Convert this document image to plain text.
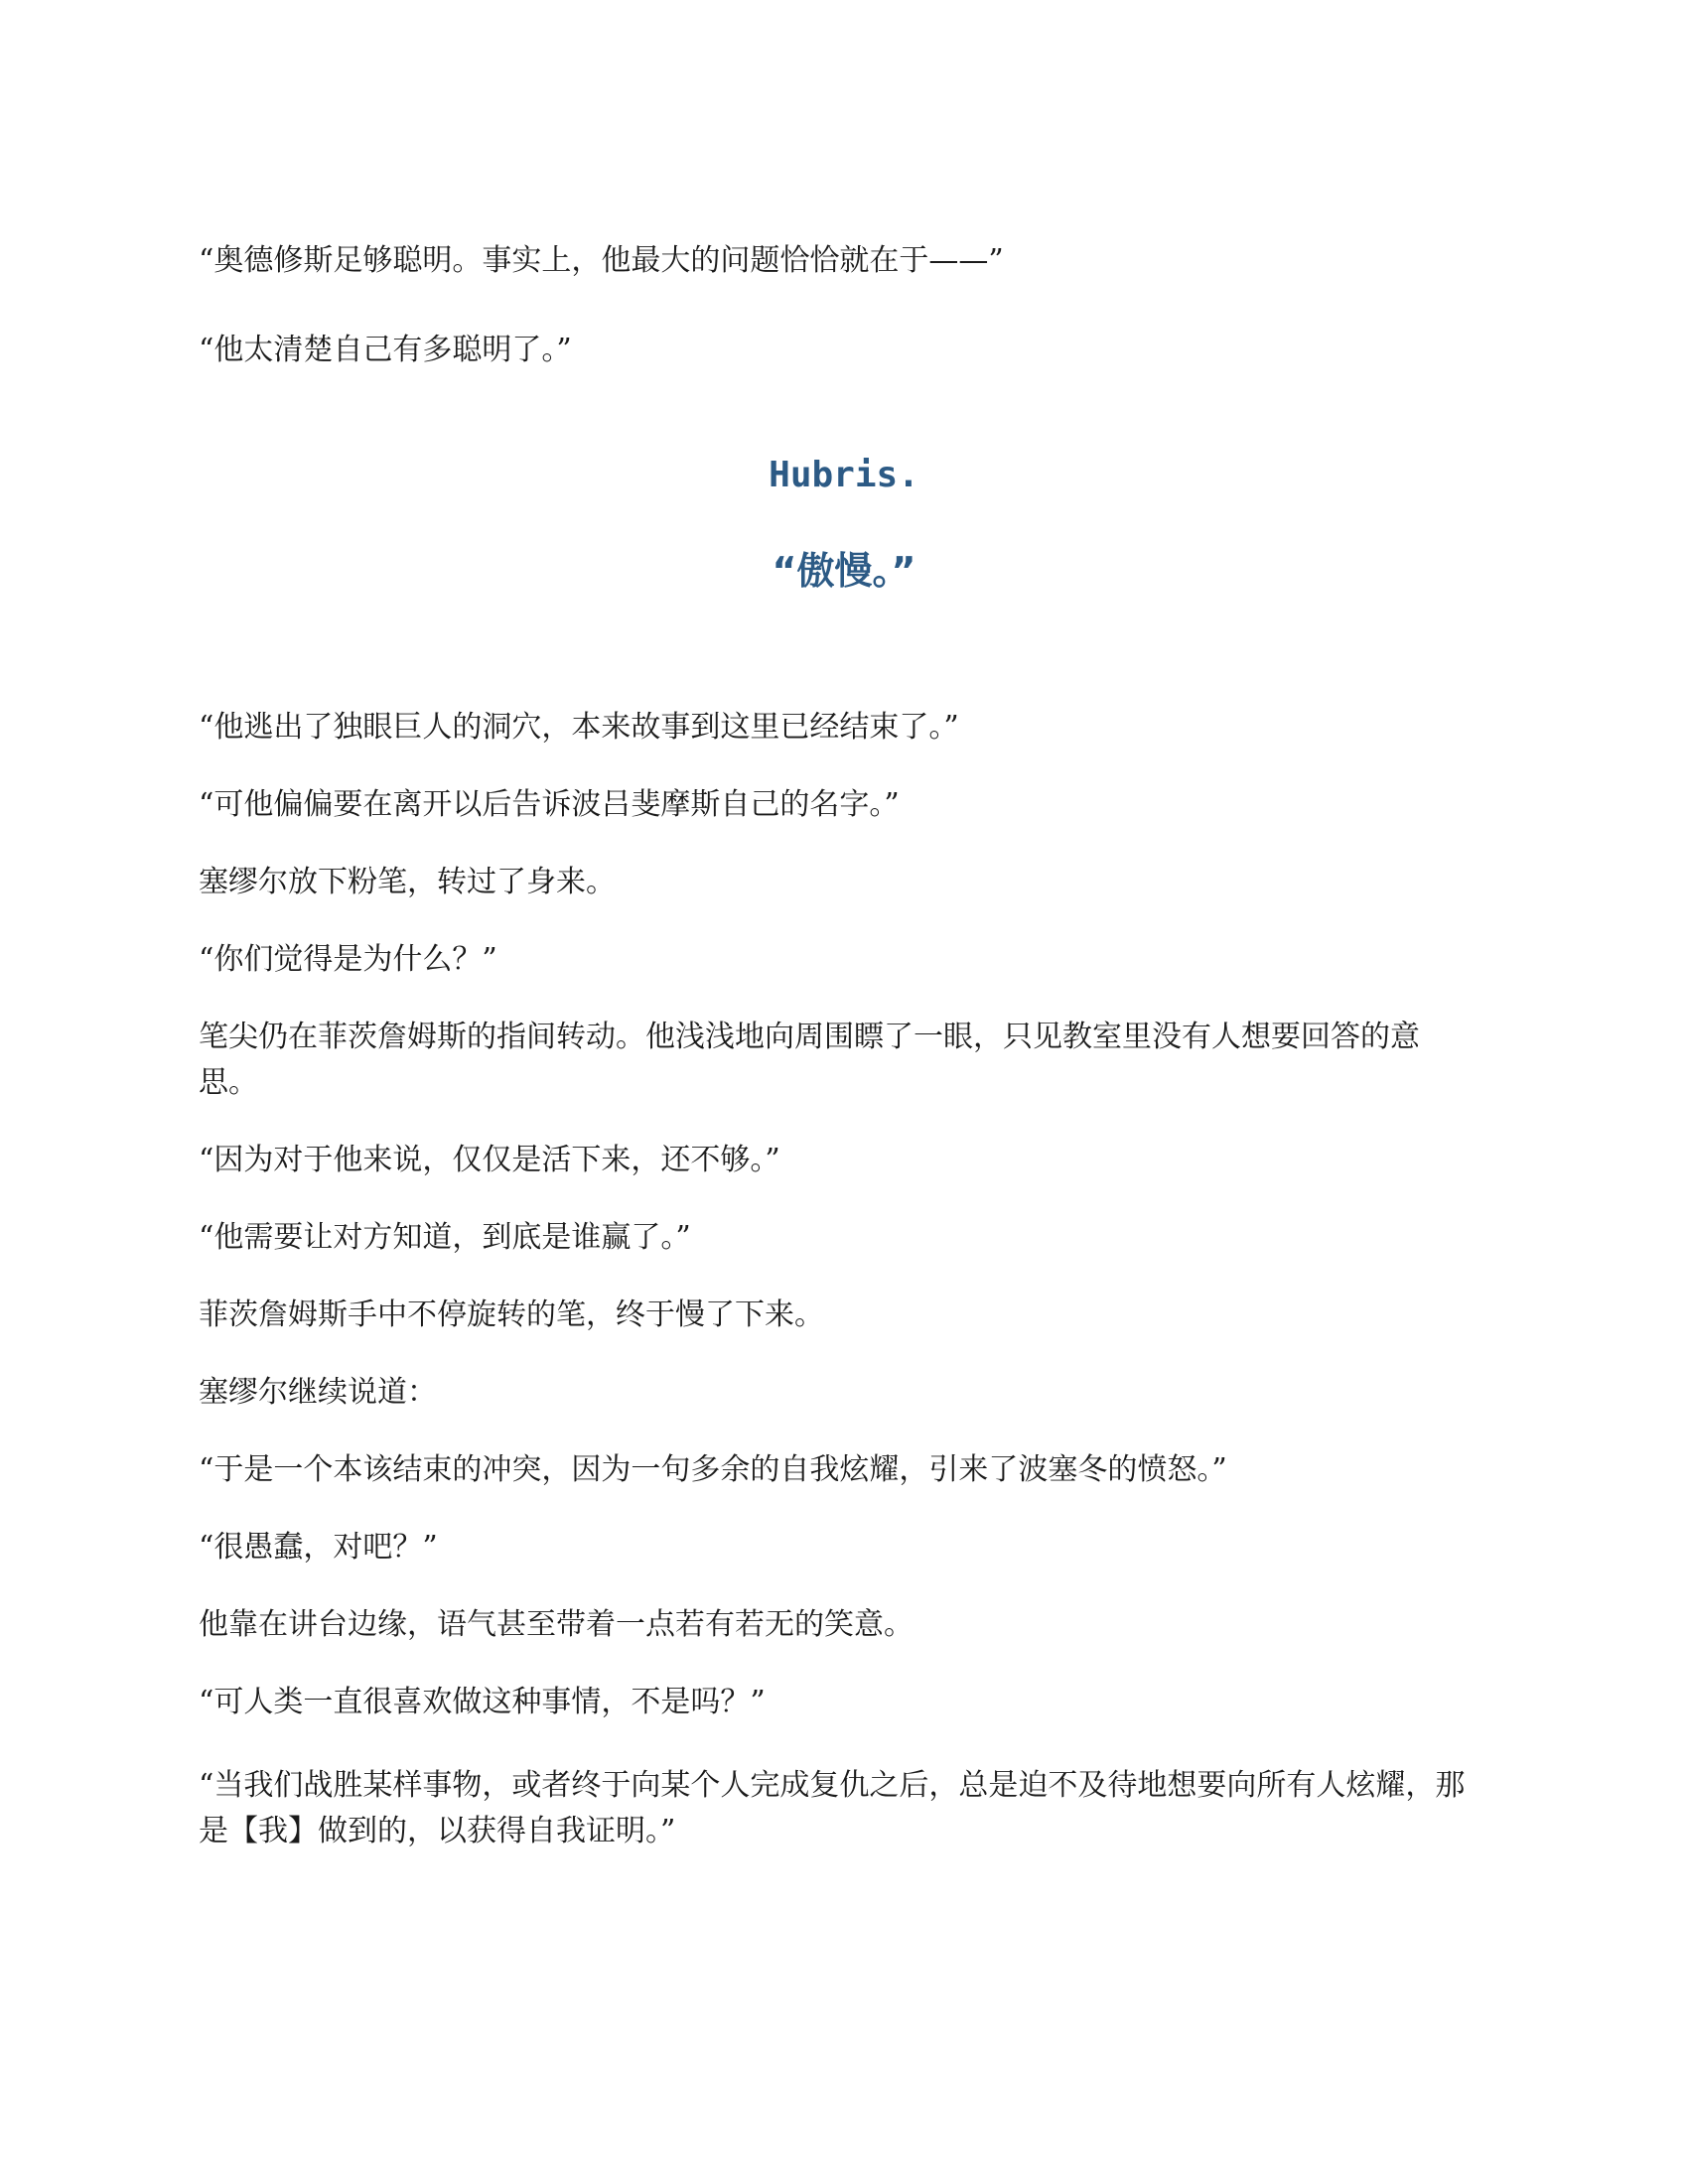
“奥德修斯足够聪明。事实上，他最大的问题恰恰就在于——”

“他太清楚自己有多聪明了。”

Hubris.
“傲慢。”

“他逃出了独眼巨人的洞穴，本来故事到这里已经结束了。”

“可他偏偏要在离开以后告诉波吕斐摩斯自己的名字。”

塞缪尔放下粉笔，转过了身来。

“你们觉得是为什么？”

笔尖仍在菲茨詹姆斯的指间转动。他浅浅地向周围瞟了一眼，只见教室里没有人想要回答的意思。

“因为对于他来说，仅仅是活下来，还不够。”

“他需要让对方知道，到底是谁赢了。”

菲茨詹姆斯手中不停旋转的笔，终于慢了下来。

塞缪尔继续说道：

“于是一个本该结束的冲突，因为一句多余的自我炫耀，引来了波塞冬的愤怒。”

“很愚蠢，对吧？”

他靠在讲台边缘，语气甚至带着一点若有若无的笑意。

“可人类一直很喜欢做这种事情，不是吗？”

“当我们战胜某样事物，或者终于向某个人完成复仇之后，总是迫不及待地想要向所有人炫耀，那是【我】做到的，以获得自我证明。”
